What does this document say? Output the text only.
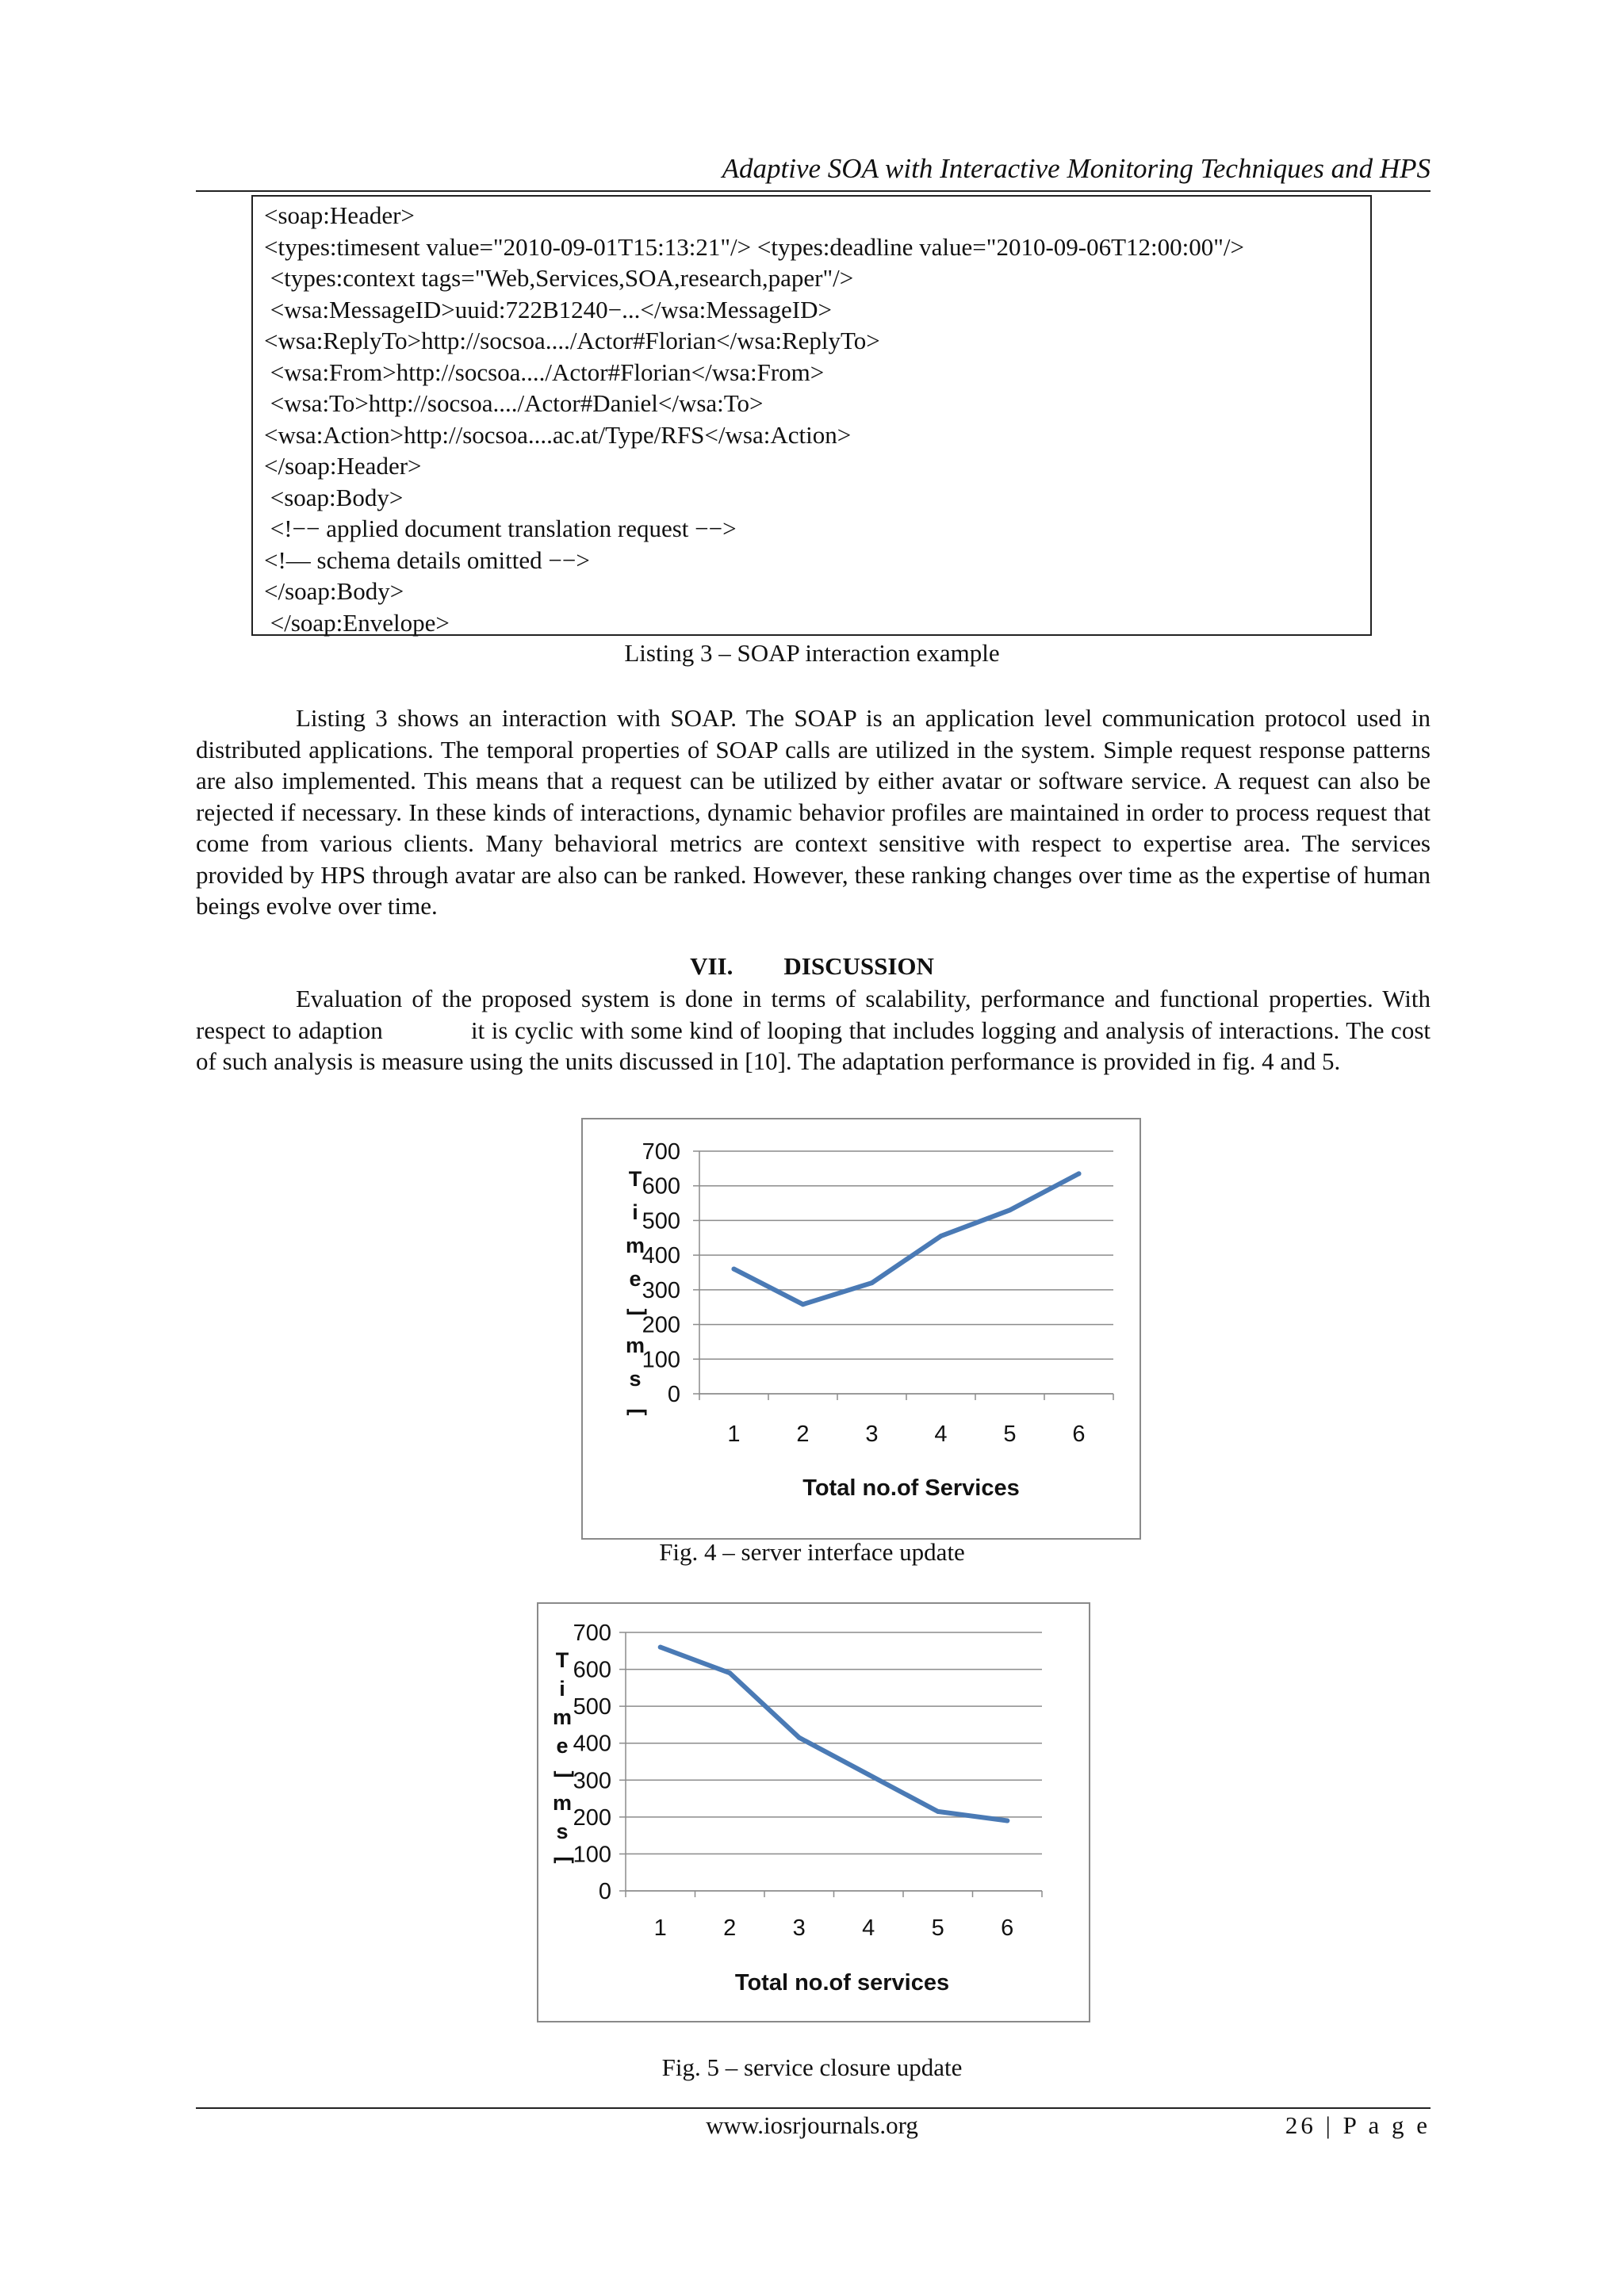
Adaptive SOA with Interactive Monitoring Techniques and HPS
<soap:Header>
<types:timesent value="2010-09-01T15:13:21"/> <types:deadline value="2010-09-06T12:00:00"/>
<types:context tags="Web,Services,SOA,research,paper"/>
<wsa:MessageID>uuid:722B1240−...</wsa:MessageID>
<wsa:ReplyTo>http://socsoa..../Actor#Florian</wsa:ReplyTo>
<wsa:From>http://socsoa..../Actor#Florian</wsa:From>
<wsa:To>http://socsoa..../Actor#Daniel</wsa:To>
<wsa:Action>http://socsoa....ac.at/Type/RFS</wsa:Action>
</soap:Header>
<soap:Body>
<!−− applied document translation request −−>
<!— schema details omitted −−>
</soap:Body>
</soap:Envelope>
Listing 3 – SOAP interaction example
Listing 3 shows an interaction with SOAP. The SOAP is an application level communication protocol used in distributed applications. The temporal properties of SOAP calls are utilized in the system. Simple request response patterns are also implemented. This means that a request can be utilized by either avatar or software service. A request can also be rejected if necessary. In these kinds of interactions, dynamic behavior profiles are maintained in order to process request that come from various clients. Many behavioral metrics are context sensitive with respect to expertise area. The services provided by HPS through avatar are also can be ranked. However, these ranking changes over time as the expertise of human beings evolve over time.
VII. DISCUSSION
Evaluation of the proposed system is done in terms of scalability, performance and functional properties. With respect to adaption             it is cyclic with some kind of looping that includes logging and analysis of interactions. The cost of such analysis is measure using the units discussed in [10]. The adaptation performance is provided in fig. 4 and 5.
700
600
500
400
300
200
100
0
1 2 3 4 5 6
Total no.of Services
T
i
m
e
[
m
s
]
Fig. 4 – server interface update
700
600
500
400
300
200
100
0
1 2 3 4 5 6
Total no.of services
T
i
m
e
[
m
s
]
Fig. 5 – service closure update
www.iosrjournals.org	26 | P a g e
